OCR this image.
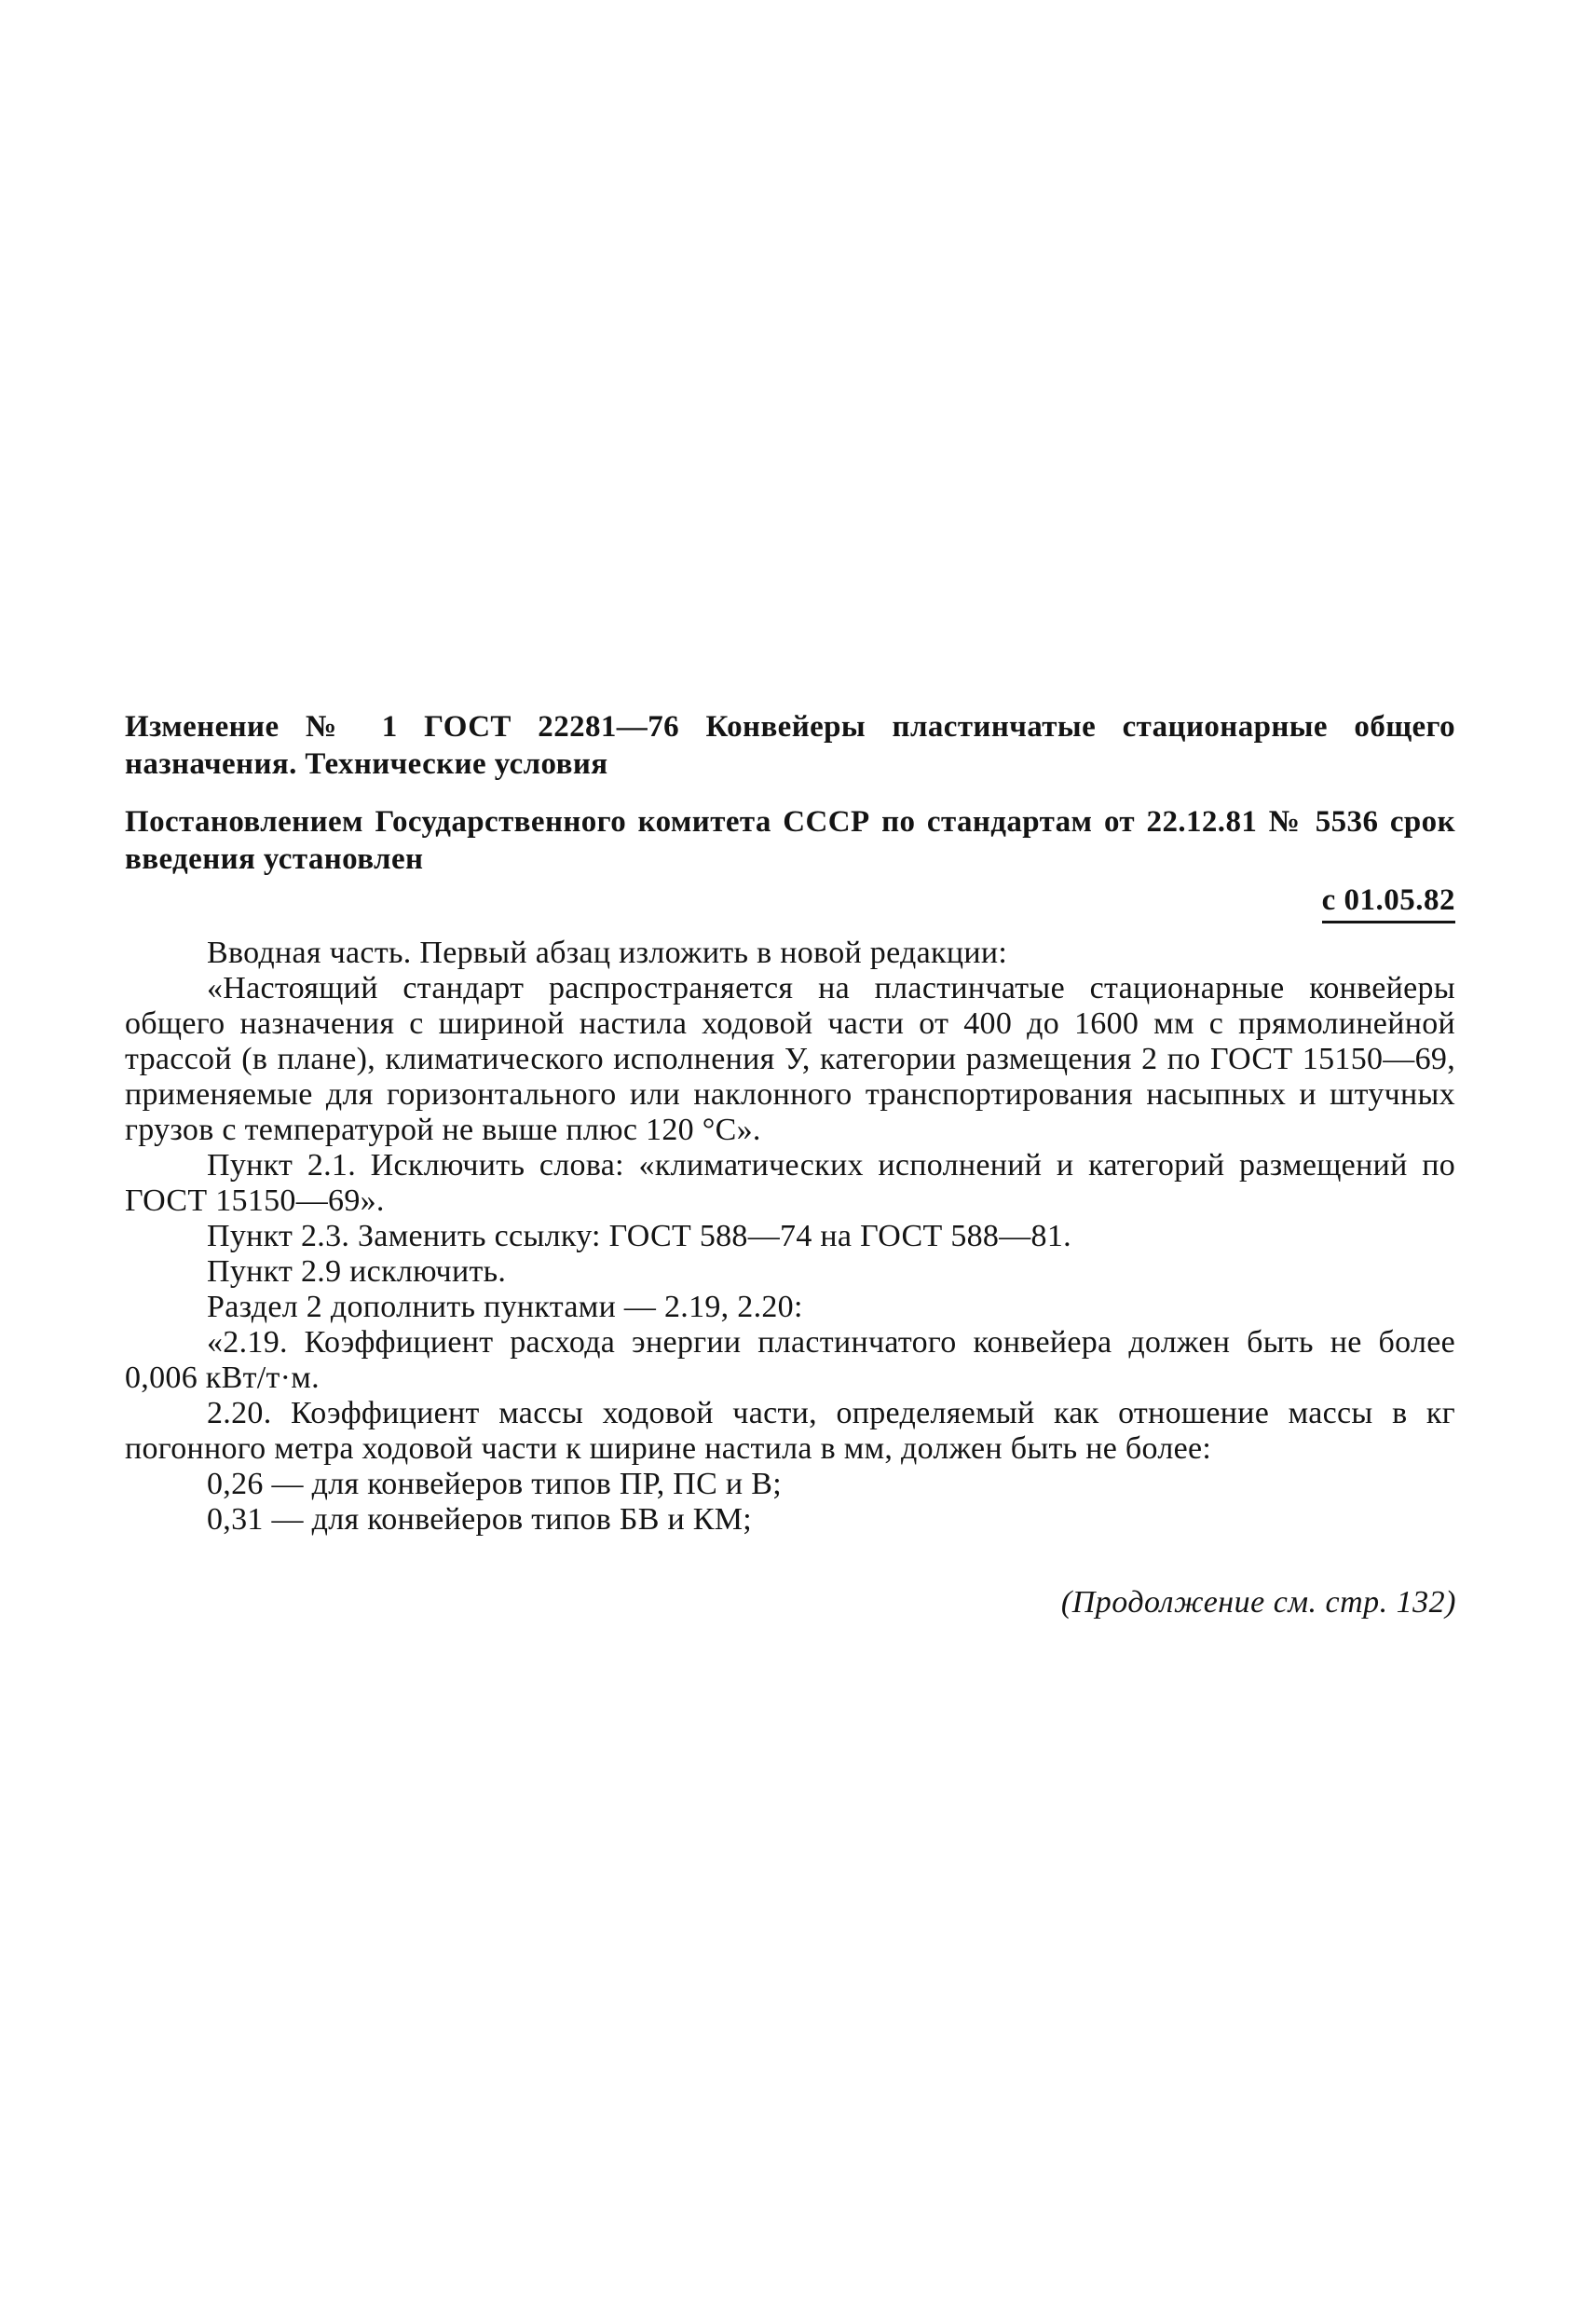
Изменение № 1 ГОСТ 22281—76 Конвейеры пластинчатые стационарные общего назначения. Технические условия

Постановлением Государственного комитета СССР по стандартам от 22.12.81 № 5536 срок введения установлен

с 01.05.82

Вводная часть. Первый абзац изложить в новой редакции:

«Настоящий стандарт распространяется на пластинчатые стационарные конвейеры общего назначения с шириной настила ходовой части от 400 до 1600 мм с прямолинейной трассой (в плане), климатического исполнения У, категории размещения 2 по ГОСТ 15150—69, применяемые для горизонтального или наклонного транспортирования насыпных и штучных грузов с температурой не выше плюс 120 °С».

Пункт 2.1. Исключить слова: «климатических исполнений и категорий размещений по ГОСТ 15150—69».

Пункт 2.3. Заменить ссылку: ГОСТ 588—74 на ГОСТ 588—81.

Пункт 2.9 исключить.

Раздел 2 дополнить пунктами — 2.19, 2.20:

«2.19. Коэффициент расхода энергии пластинчатого конвейера должен быть не более 0,006 кВт/т·м.

2.20. Коэффициент массы ходовой части, определяемый как отношение массы в кг погонного метра ходовой части к ширине настила в мм, должен быть не более:

0,26 — для конвейеров типов ПР, ПС и В;

0,31 — для конвейеров типов БВ и КМ;

(Продолжение см. стр. 132)
